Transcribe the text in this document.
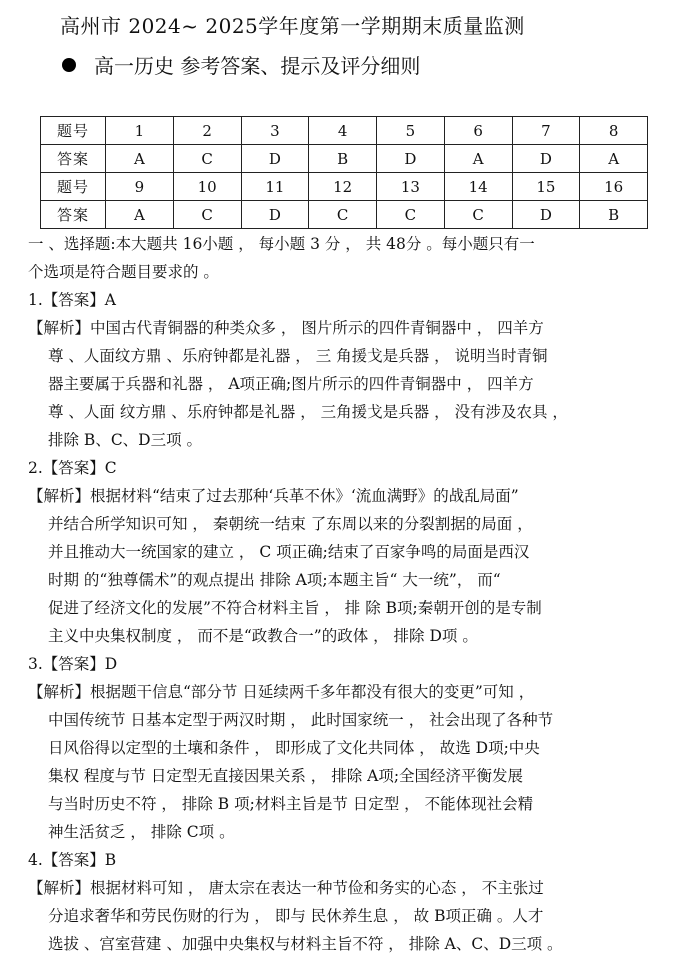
高州市 2024~ 2025学年度第一学期期末质量监测
高一历史 参考答案、提示及评分细则
题号	1	2	3	4	5	6	7	8
答案	A	C	D	B	D	A	D	A
题号	9	10	11	12	13	14	15	16
答案	A	C	D	C	C	C	D	B
一 、选择题:本大题共 16小题 ， 每小题 3 分 ， 共 48分 。每小题只有一
个选项是符合题目要求的 。
1.【答案】A
【解析】中国古代青铜器的种类众多 ， 图片所示的四件青铜器中 ， 四羊方
尊 、人面纹方鼎 、乐府钟都是礼器 ， 三 角援戈是兵器 ， 说明当时青铜
器主要属于兵器和礼器 ， A项正确;图片所示的四件青铜器中 ， 四羊方
尊 、人面 纹方鼎 、乐府钟都是礼器 ， 三角援戈是兵器 ， 没有涉及农具 ，
排除 B、C、D三项 。
2.【答案】C
【解析】根据材料“结束了过去那种‘兵革不休》‘流血满野》的战乱局面”
并结合所学知识可知 ， 秦朝统一结束 了东周以来的分裂割据的局面 ，
并且推动大一统国家的建立 ， C 项正确;结束了百家争鸣的局面是西汉
时期 的“独尊儒术”的观点提出 排除 A项;本题主旨“ 大一统”， 而“
促进了经济文化的发展”不符合材料主旨 ， 排 除 B项;秦朝开创的是专制
主义中央集权制度 ， 而不是“政教合一”的政体 ， 排除 D项 。
3.【答案】D
【解析】根据题干信息“部分节 日延续两千多年都没有很大的变更”可知 ，
中国传统节 日基本定型于两汉时期 ， 此时国家统一 ， 社会出现了各种节
日风俗得以定型的土壤和条件 ， 即形成了文化共同体 ， 故选 D项;中央
集权 程度与节 日定型无直接因果关系 ， 排除 A项;全国经济平衡发展
与当时历史不符 ， 排除 B 项;材料主旨是节 日定型 ， 不能体现社会精
神生活贫乏 ， 排除 C项 。
4.【答案】B
【解析】根据材料可知 ， 唐太宗在表达一种节俭和务实的心态 ， 不主张过
分追求奢华和劳民伤财的行为 ， 即与 民休养生息 ， 故 B项正确 。人才
选拔 、宫室营建 、加强中央集权与材料主旨不符 ， 排除 A、C、D三项 。
